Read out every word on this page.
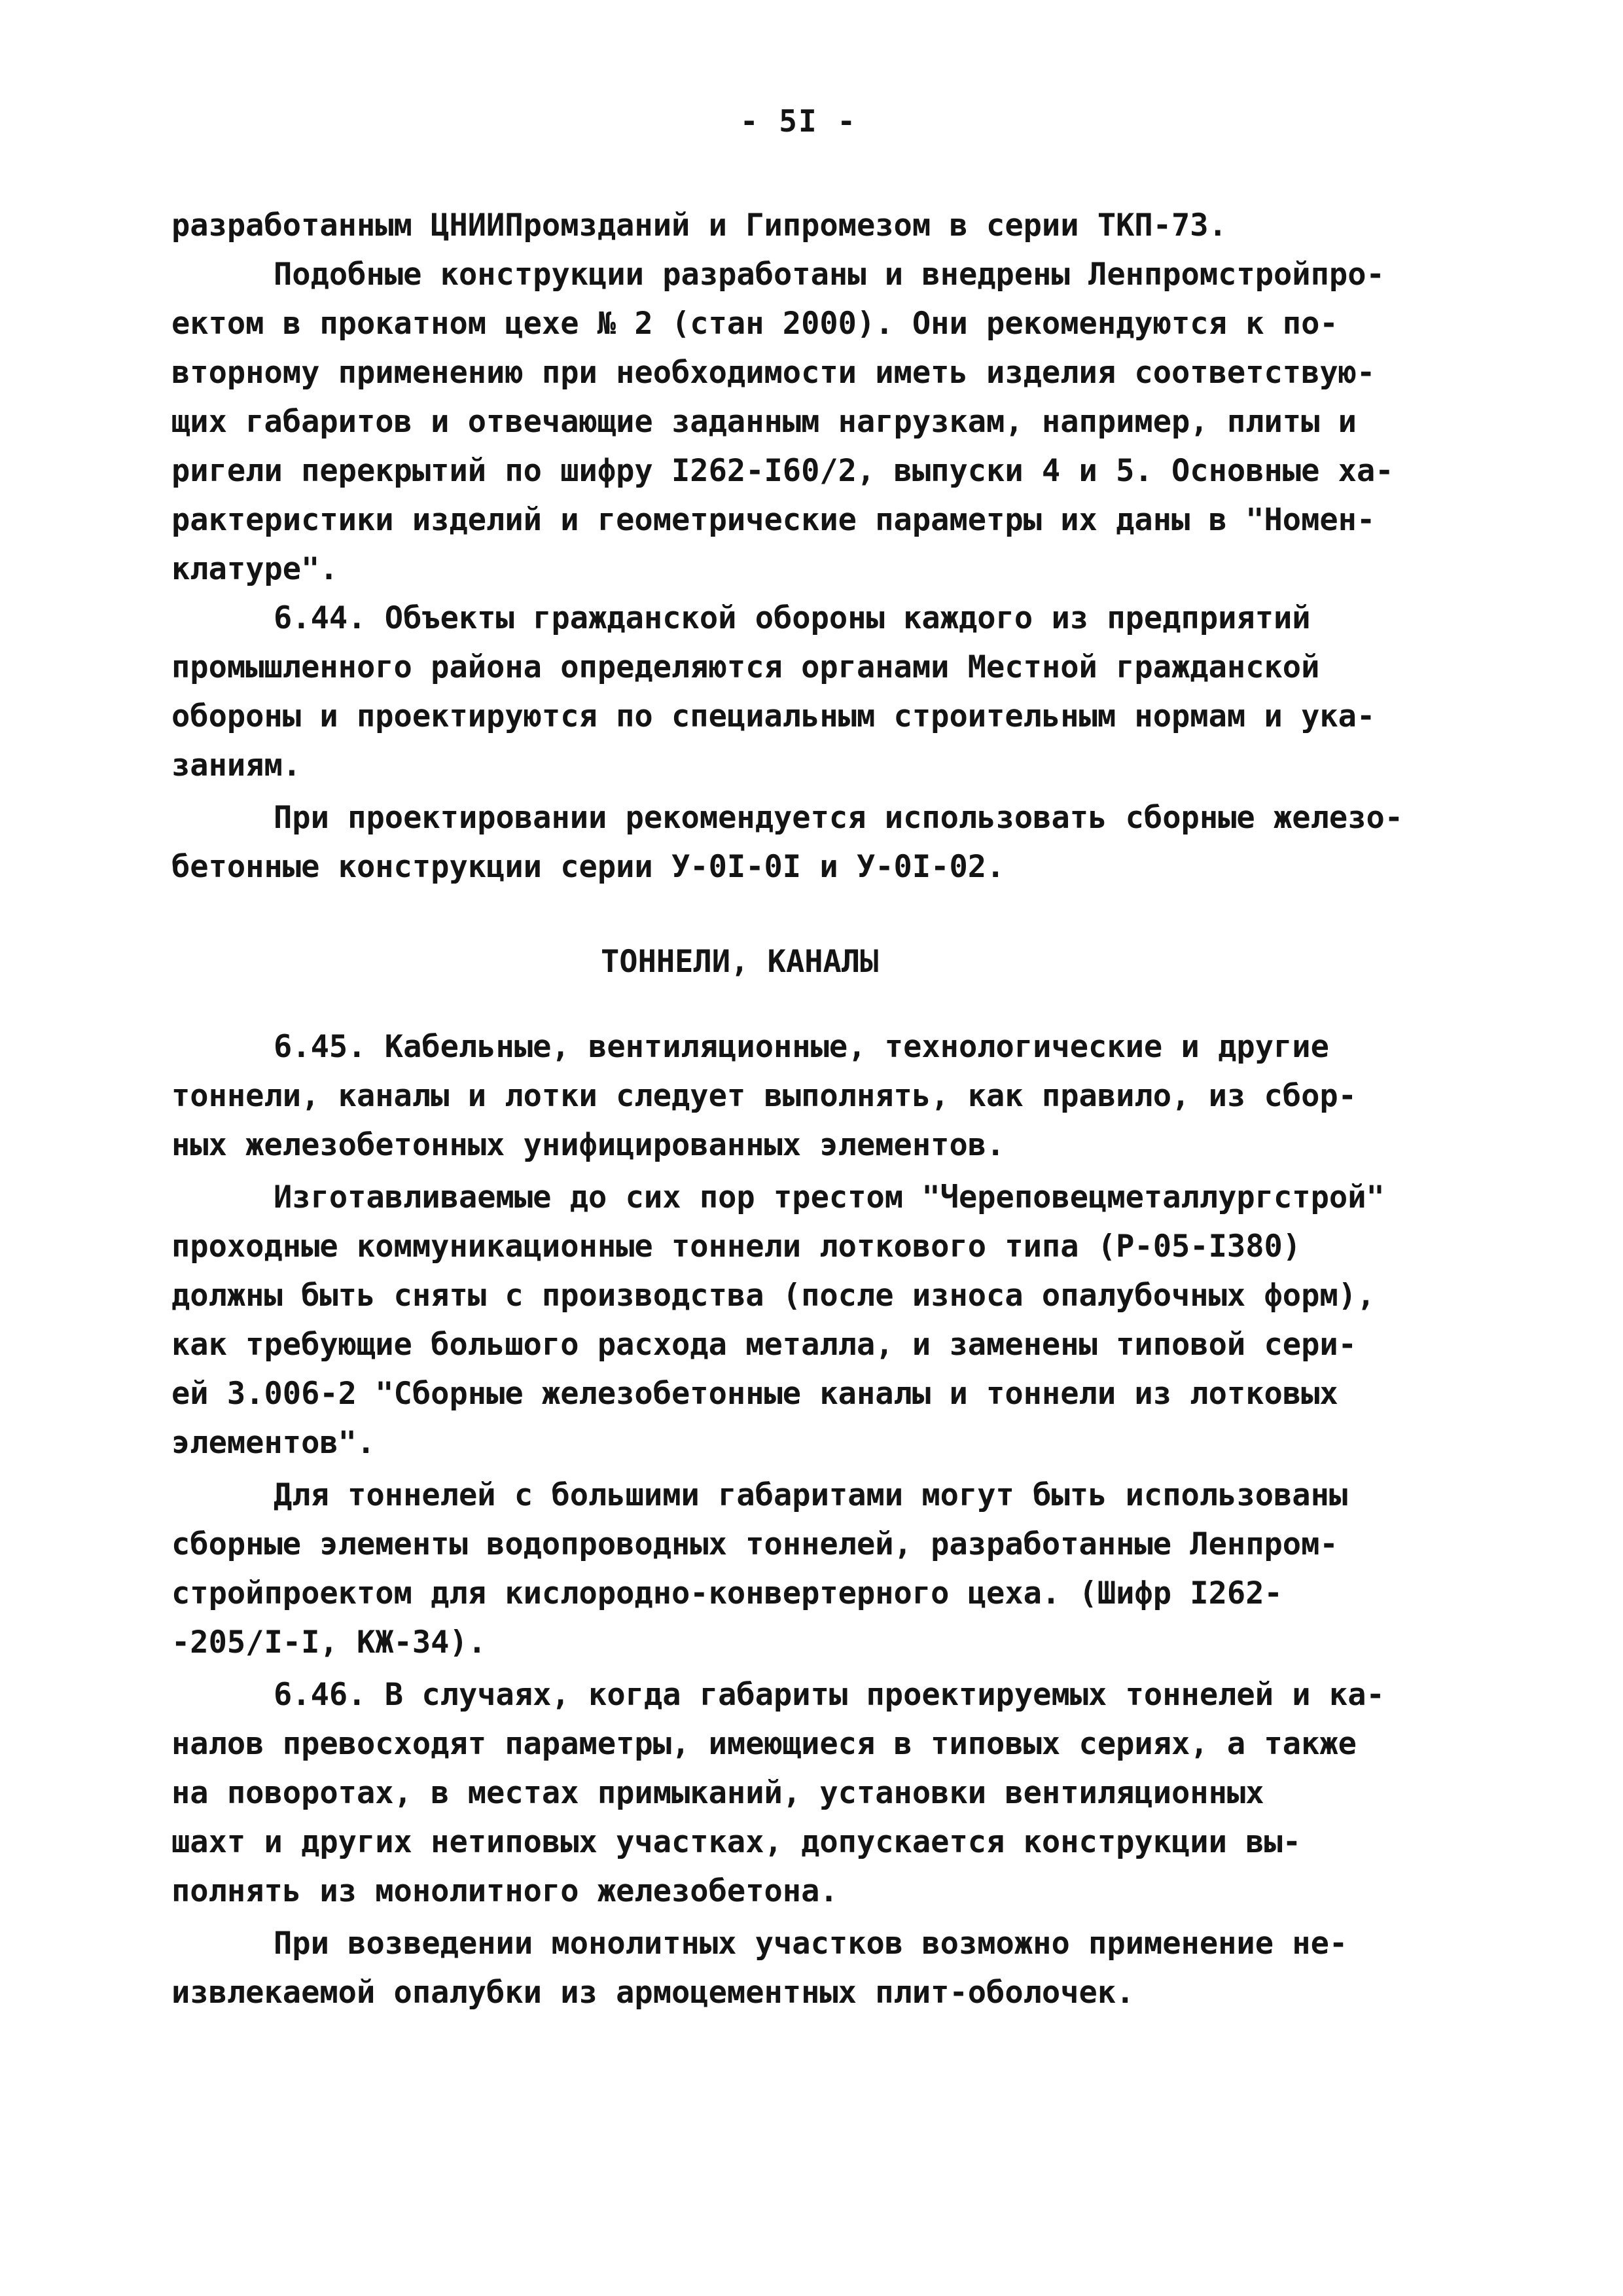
- 5I -
разработанным ЦНИИПромзданий и Гипромезом в серии ТКП-73.
Подобные конструкции разработаны и внедрены Ленпромстройпро-
ектом в прокатном цехе № 2 (стан 2000). Они рекомендуются к по-
вторному применению при необходимости иметь изделия соответствую-
щих габаритов и отвечающие заданным нагрузкам, например, плиты и
ригели перекрытий по шифру I262-I60/2, выпуски 4 и 5. Основные ха-
рактеристики изделий и геометрические параметры их даны в "Номен-
клатуре".
6.44. Объекты гражданской обороны каждого из предприятий
промышленного района определяются органами Местной гражданской
обороны и проектируются по специальным строительным нормам и ука-
заниям.
При проектировании рекомендуется использовать сборные железо-
бетонные конструкции серии У-0I-0I и У-0I-02.
ТОННЕЛИ, КАНАЛЫ
6.45. Кабельные, вентиляционные, технологические и другие
тоннели, каналы и лотки следует выполнять, как правило, из сбор-
ных железобетонных унифицированных элементов.
Изготавливаемые до сих пор трестом "Череповецметаллургстрой"
проходные коммуникационные тоннели лоткового типа (Р-05-I380)
должны быть сняты с производства (после износа опалубочных форм),
как требующие большого расхода металла, и заменены типовой сери-
ей 3.006-2 "Сборные железобетонные каналы и тоннели из лотковых
элементов".
Для тоннелей с большими габаритами могут быть использованы
сборные элементы водопроводных тоннелей, разработанные Ленпром-
стройпроектом для кислородно-конвертерного цеха. (Шифр I262-
-205/I-I, КЖ-34).
6.46. В случаях, когда габариты проектируемых тоннелей и ка-
налов превосходят параметры, имеющиеся в типовых сериях, а также
на поворотах, в местах примыканий, установки вентиляционных
шахт и других нетиповых участках, допускается конструкции вы-
полнять из монолитного железобетона.
При возведении монолитных участков возможно применение не-
извлекаемой опалубки из армоцементных плит-оболочек.
